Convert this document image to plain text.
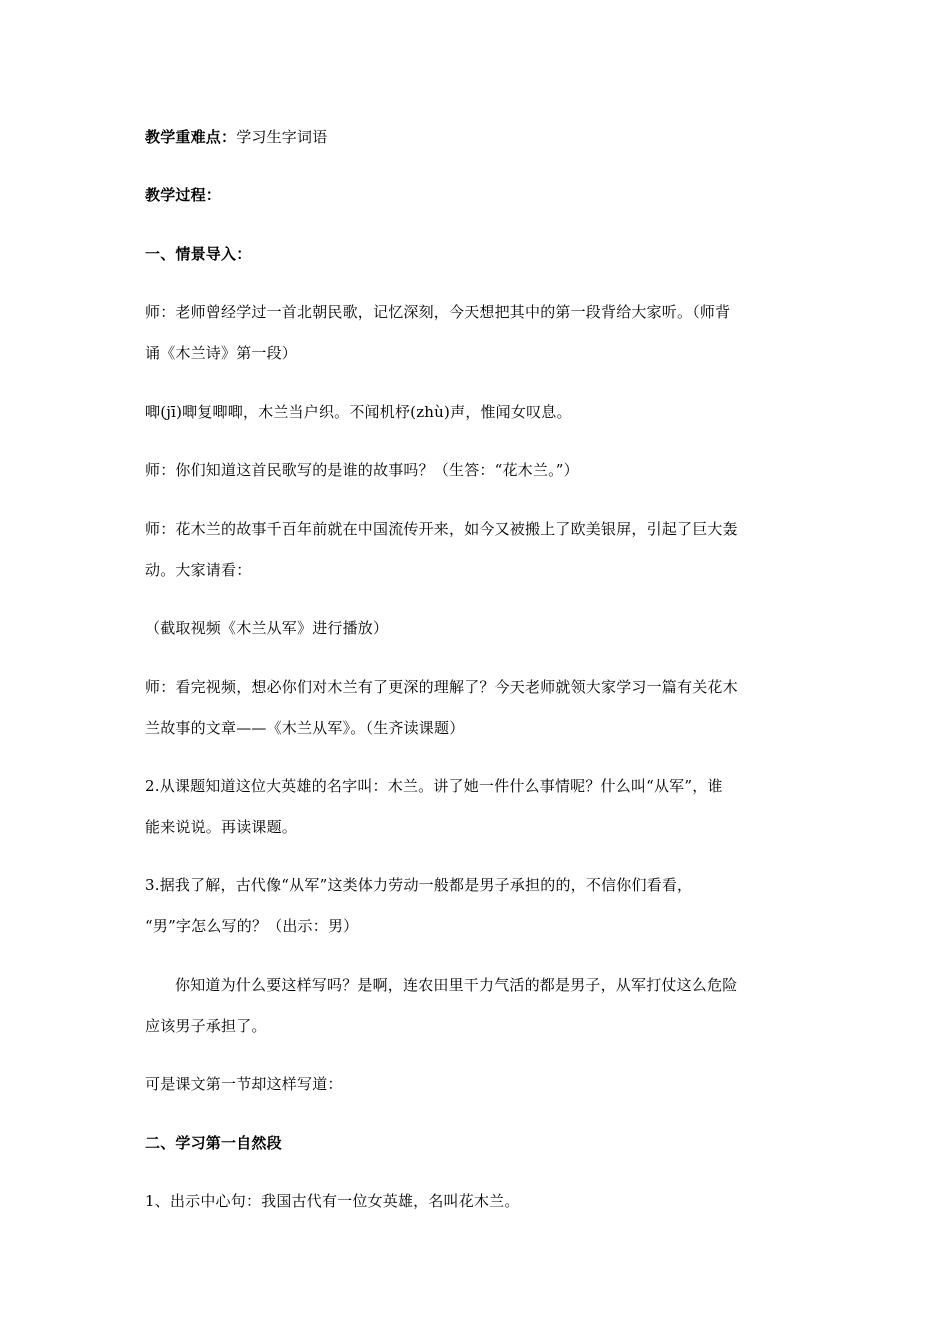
教学重难点：学习生字词语
教学过程：
一、情景导入：
师：老师曾经学过一首北朝民歌，记忆深刻，今天想把其中的第一段背给大家听。（师背
诵《木兰诗》第一段）
唧(jī)唧复唧唧，木兰当户织。不闻机杼(zhù)声，惟闻女叹息。
师：你们知道这首民歌写的是谁的故事吗？（生答：“花木兰。”）
师：花木兰的故事千百年前就在中国流传开来，如今又被搬上了欧美银屏，引起了巨大轰
动。大家请看：
（截取视频《木兰从军》进行播放）
师：看完视频，想必你们对木兰有了更深的理解了？今天老师就领大家学习一篇有关花木
兰故事的文章——《木兰从军》。（生齐读课题）
2.从课题知道这位大英雄的名字叫：木兰。讲了她一件什么事情呢？什么叫“从军”，谁
能来说说。再读课题。
3.据我了解，古代像“从军”这类体力劳动一般都是男子承担的的，不信你们看看，
“男”字怎么写的？（出示：男）
你知道为什么要这样写吗？是啊，连农田里干力气活的都是男子，从军打仗这么危险
应该男子承担了。
可是课文第一节却这样写道：
二、学习第一自然段
1、出示中心句：我国古代有一位女英雄，名叫花木兰。
